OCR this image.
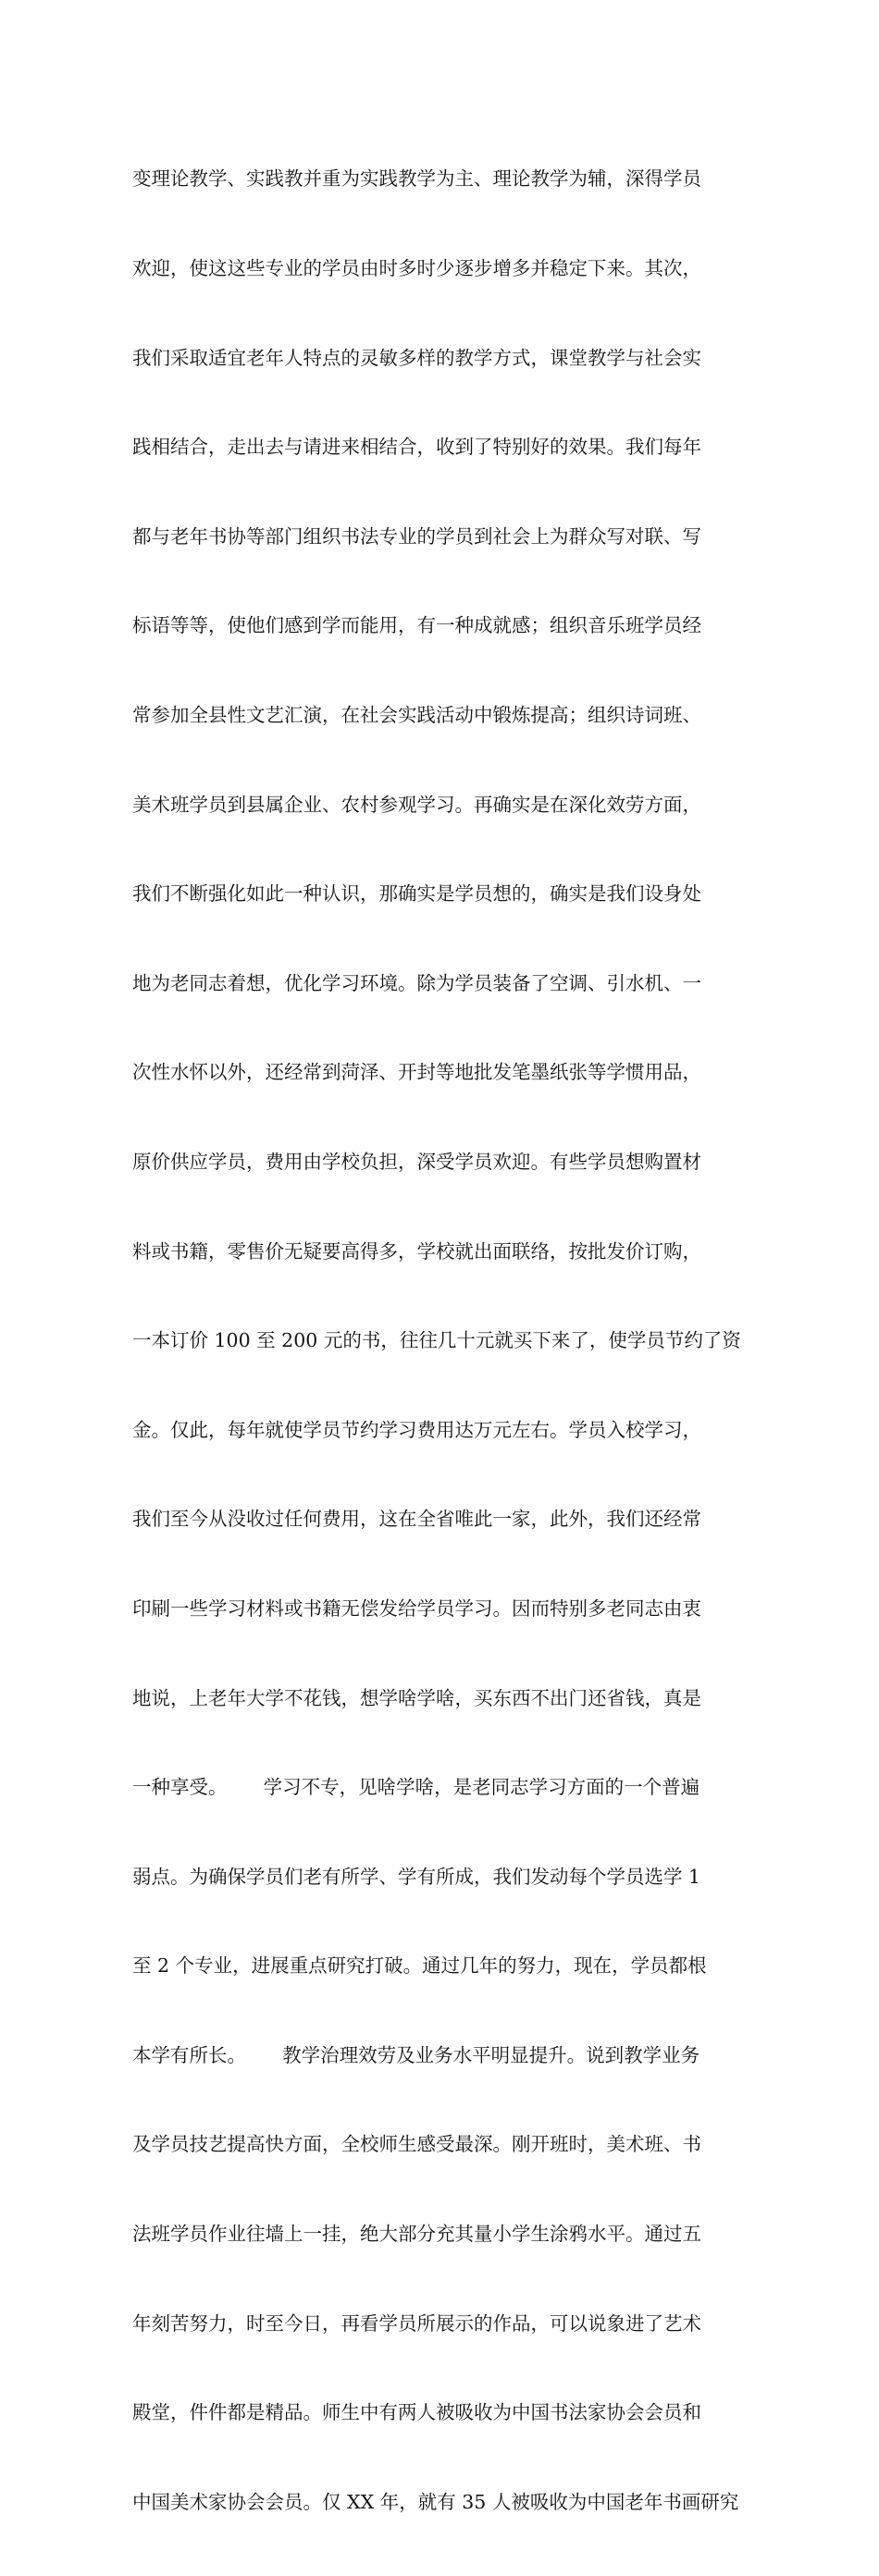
变理论教学、实践教并重为实践教学为主、理论教学为辅，深得学员

欢迎，使这这些专业的学员由时多时少逐步增多并稳定下来。其次，

我们采取适宜老年人特点的灵敏多样的教学方式，课堂教学与社会实

践相结合，走出去与请进来相结合，收到了特别好的效果。我们每年

都与老年书协等部门组织书法专业的学员到社会上为群众写对联、写

标语等等，使他们感到学而能用，有一种成就感；组织音乐班学员经

常参加全县性文艺汇演，在社会实践活动中锻炼提高；组织诗词班、

美术班学员到县属企业、农村参观学习。再确实是在深化效劳方面，

我们不断强化如此一种认识，那确实是学员想的，确实是我们设身处

地为老同志着想，优化学习环境。除为学员装备了空调、引水机、一

次性水怀以外，还经常到菏泽、开封等地批发笔墨纸张等学惯用品，

原价供应学员，费用由学校负担，深受学员欢迎。有些学员想购置材

料或书籍，零售价无疑要高得多，学校就出面联络，按批发价订购，

一本订价 100 至 200 元的书，往往几十元就买下来了，使学员节约了资

金。仅此，每年就使学员节约学习费用达万元左右。学员入校学习，

我们至今从没收过任何费用，这在全省唯此一家，此外，我们还经常

印刷一些学习材料或书籍无偿发给学员学习。因而特别多老同志由衷

地说，上老年大学不花钱，想学啥学啥，买东西不出门还省钱，真是

一种享受。      学习不专，见啥学啥，是老同志学习方面的一个普遍

弱点。为确保学员们老有所学、学有所成，我们发动每个学员选学 1

至 2 个专业，进展重点研究打破。通过几年的努力，现在，学员都根

本学有所长。      教学治理效劳及业务水平明显提升。说到教学业务

及学员技艺提高快方面，全校师生感受最深。刚开班时，美术班、书

法班学员作业往墙上一挂，绝大部分充其量小学生涂鸦水平。通过五

年刻苦努力，时至今日，再看学员所展示的作品，可以说象进了艺术

殿堂，件件都是精品。师生中有两人被吸收为中国书法家协会会员和

中国美术家协会会员。仅 XX 年，就有 35 人被吸收为中国老年书画研究
